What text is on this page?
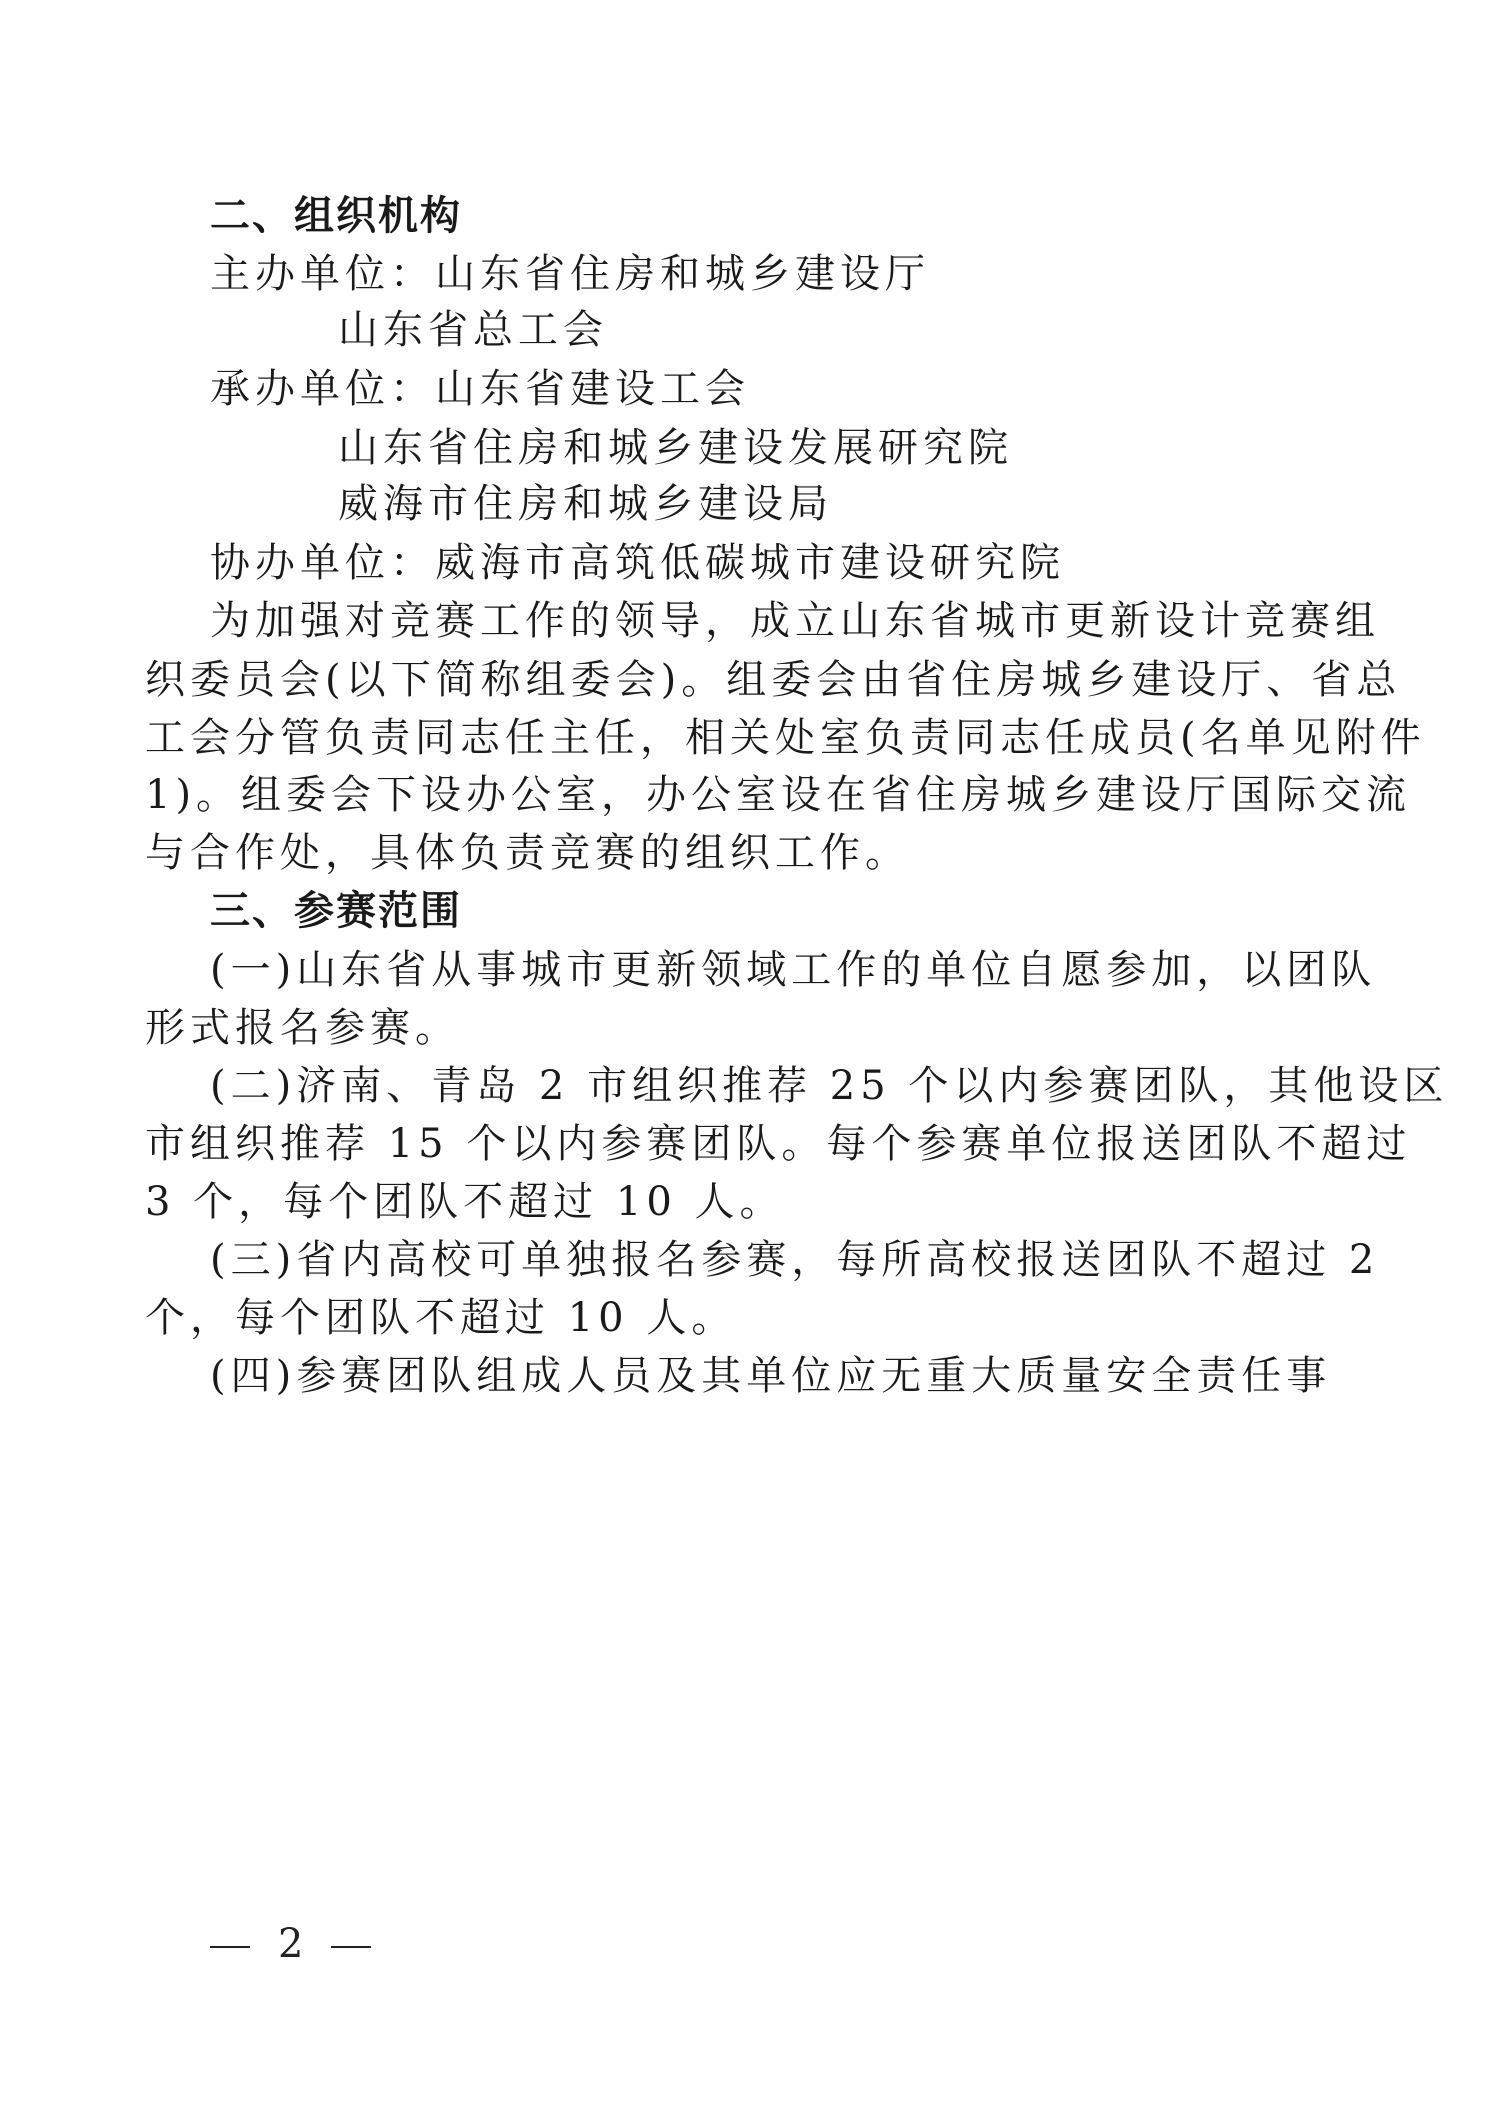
二、组织机构
主办单位：山东省住房和城乡建设厅
山东省总工会
承办单位：山东省建设工会
山东省住房和城乡建设发展研究院
威海市住房和城乡建设局
协办单位：威海市高筑低碳城市建设研究院
为加强对竞赛工作的领导，成立山东省城市更新设计竞赛组
织委员会(以下简称组委会)。组委会由省住房城乡建设厅、省总
工会分管负责同志任主任，相关处室负责同志任成员(名单见附件
1)。组委会下设办公室，办公室设在省住房城乡建设厅国际交流
与合作处，具体负责竞赛的组织工作。
三、参赛范围
(一)山东省从事城市更新领域工作的单位自愿参加，以团队
形式报名参赛。
(二)济南、青岛 2 市组织推荐 25 个以内参赛团队，其他设区
市组织推荐 15 个以内参赛团队。每个参赛单位报送团队不超过
3 个，每个团队不超过 10 人。
(三)省内高校可单独报名参赛，每所高校报送团队不超过 2
个，每个团队不超过 10 人。
(四)参赛团队组成人员及其单位应无重大质量安全责任事
2
